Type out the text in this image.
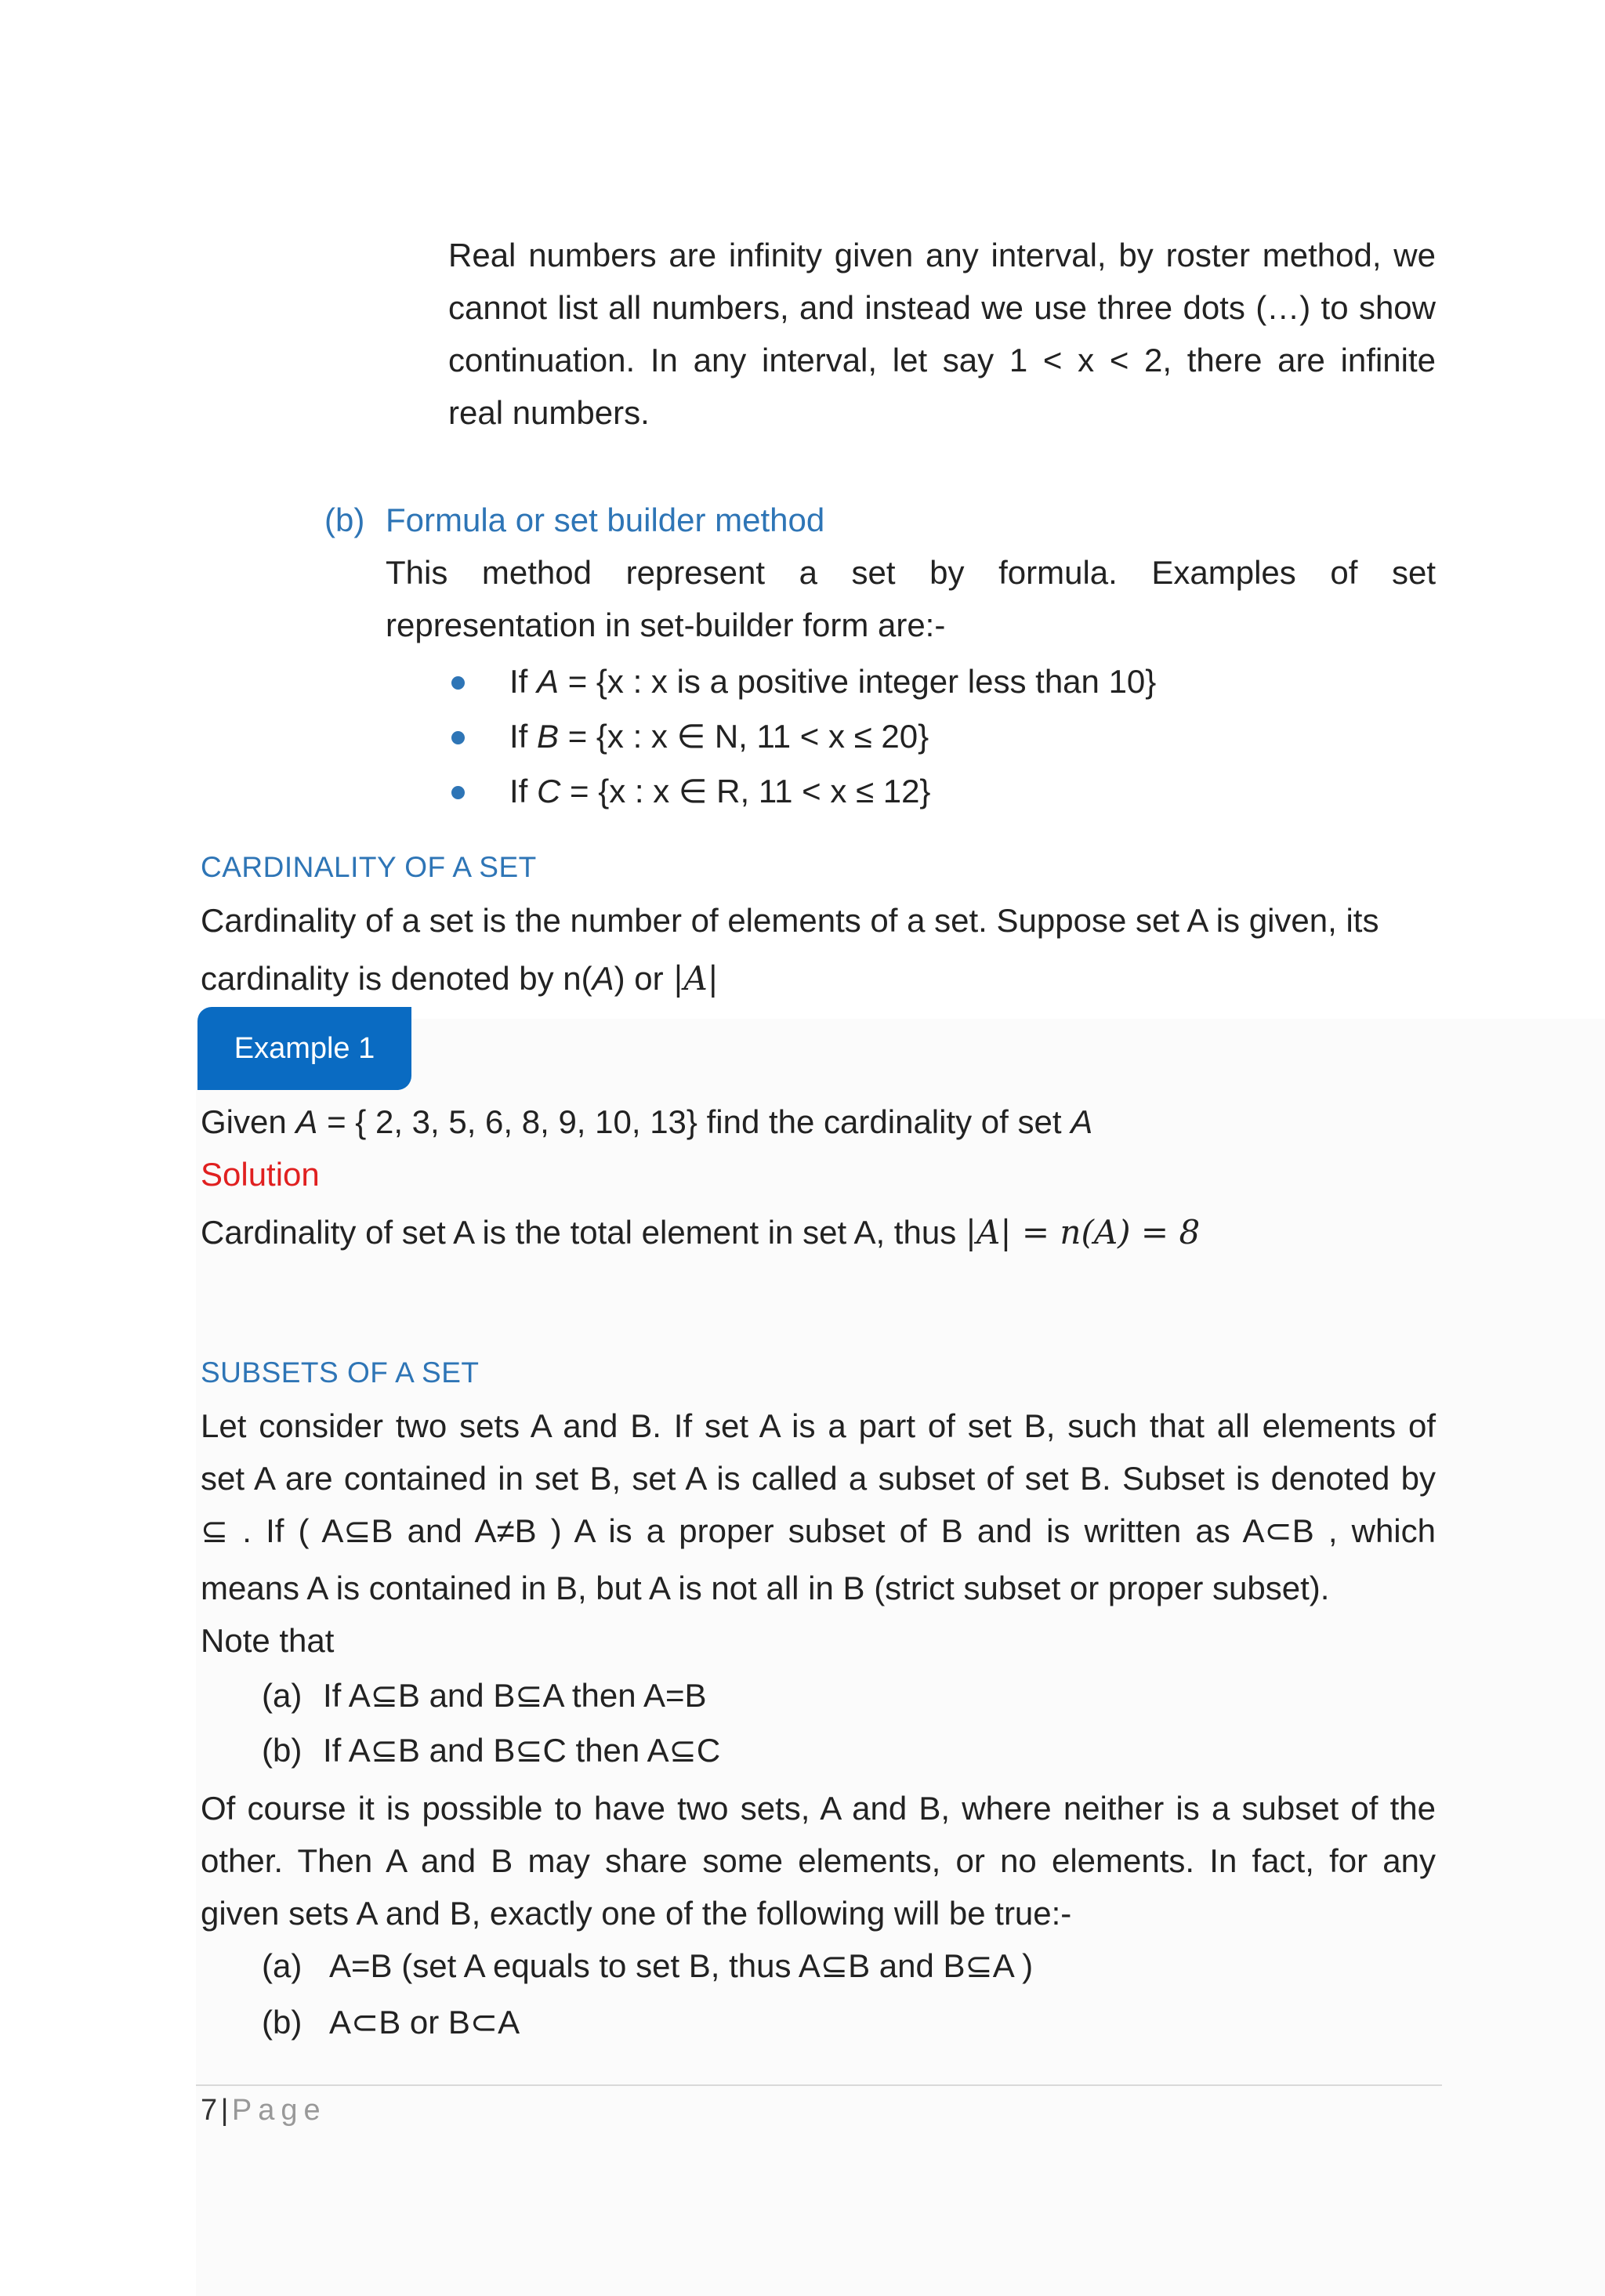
Real numbers are infinity given any interval, by roster method, we
cannot list all numbers, and instead we use three dots (…) to show
continuation. In any interval, let say 1 < x < 2, there are infinite
real numbers.
(b) Formula or set builder method
This method represent a set by formula. Examples of set
representation in set-builder form are:-
If A = {x : x is a positive integer less than 10}
If B = {x : x ∈ N, 11 < x ≤ 20}
If C = {x : x ∈ R, 11 < x ≤ 12}
CARDINALITY OF A SET
Cardinality of a set is the number of elements of a set. Suppose set A is given, its
cardinality is denoted by n(A) or |A|
Example 1
Given A = { 2, 3, 5, 6, 8, 9, 10, 13} find the cardinality of set A
Solution
Cardinality of set A is the total element in set A, thus |A| = n(A) = 8
SUBSETS OF A SET
Let consider two sets A and B. If set A is a part of set B, such that all elements of
set A are contained in set B, set A is called a subset of set B. Subset is denoted by
⊆ . If ( A⊆B and A≠B ) A is a proper subset of B and is written as A⊂B , which
means A is contained in B, but A is not all in B (strict subset or proper subset).
Note that
(a) If A⊆B and B⊆A then A=B
(b) If A⊆B and B⊆C then A⊆C
Of course it is possible to have two sets, A and B, where neither is a subset of the
other. Then A and B may share some elements, or no elements. In fact, for any
given sets A and B, exactly one of the following will be true:-
(a) A=B (set A equals to set B, thus A⊆B and B⊆A )
(b) A⊂B or B⊂A
7 | Page
